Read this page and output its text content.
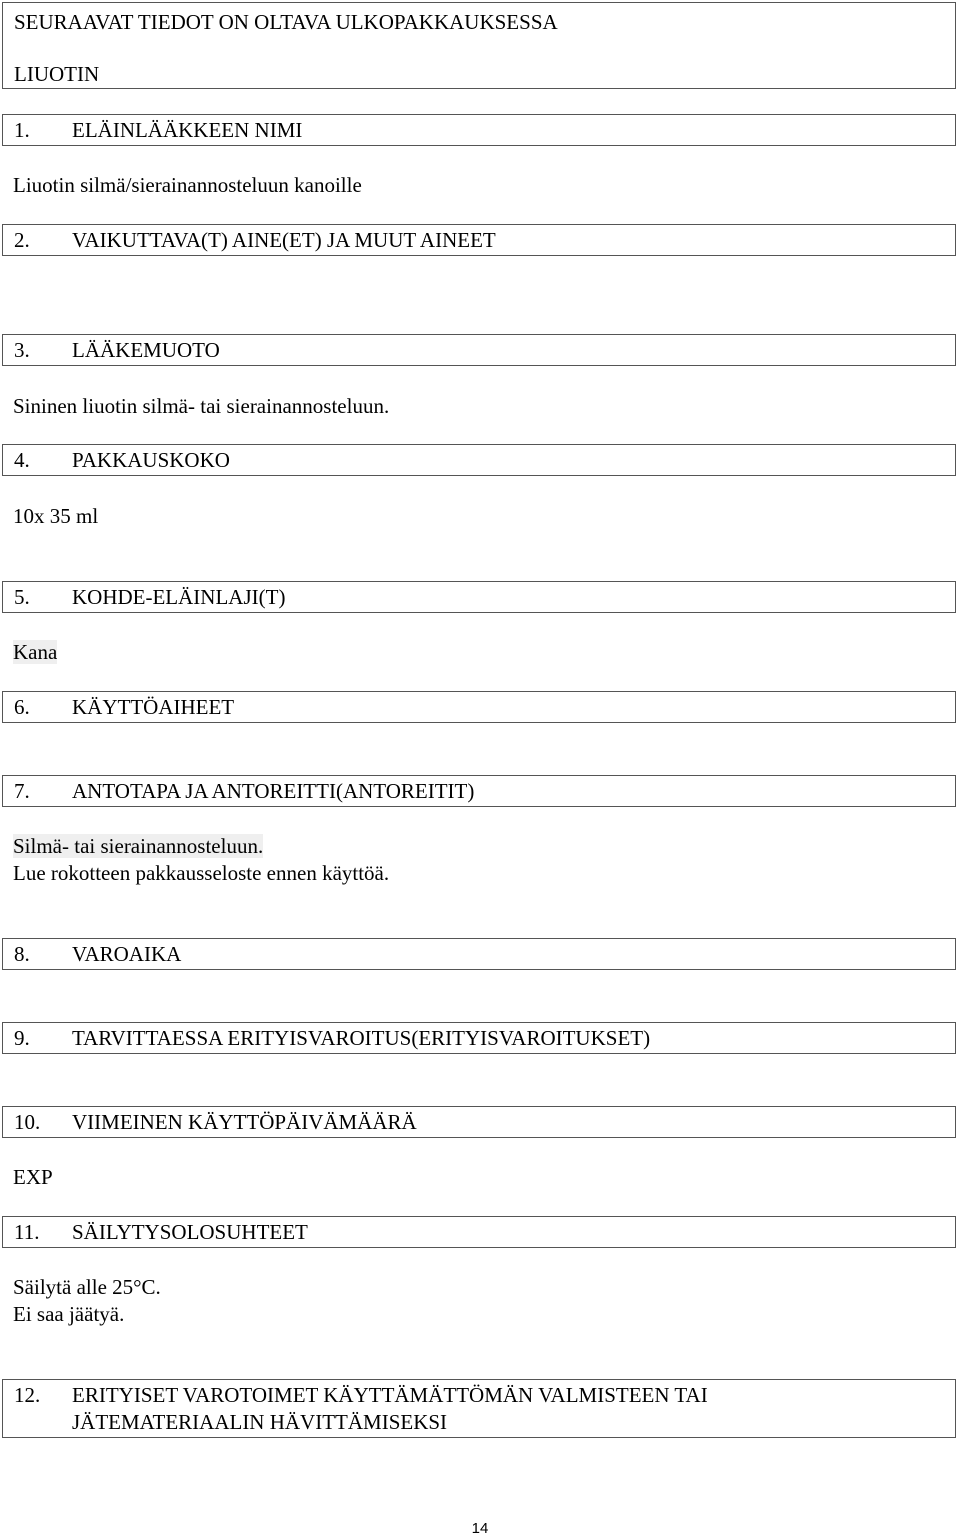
SEURAAVAT TIEDOT ON OLTAVA ULKOPAKKAUKSESSA
LIUOTIN
1.	ELÄINLÄÄKKEEN NIMI
Liuotin silmä/sierainannosteluun kanoille
2.	VAIKUTTAVA(T) AINE(ET) JA MUUT AINEET
3.	LÄÄKEMUOTO
Sininen liuotin silmä- tai sierainannosteluun.
4.	PAKKAUSKOKO
10x 35 ml
5.	KOHDE-ELÄINLAJI(T)
Kana
6.	KÄYTTÖAIHEET
7.	ANTOTAPA JA ANTOREITTI(ANTOREITIT)
Silmä- tai sierainannosteluun.
Lue rokotteen pakkausseloste ennen käyttöä.
8.	VAROAIKA
9.	TARVITTAESSA ERITYISVAROITUS(ERITYISVAROITUKSET)
10.	VIIMEINEN KÄYTTÖPÄIVÄMÄÄRÄ
EXP
11.	SÄILYTYSOLOSUHTEET
Säilytä alle 25°C.
Ei saa jäätyä.
12.	ERITYISET VAROTOIMET KÄYTTÄMÄTTÖMÄN VALMISTEEN TAI
JÄTEMATERIAALIN HÄVITTÄMISEKSI
14
